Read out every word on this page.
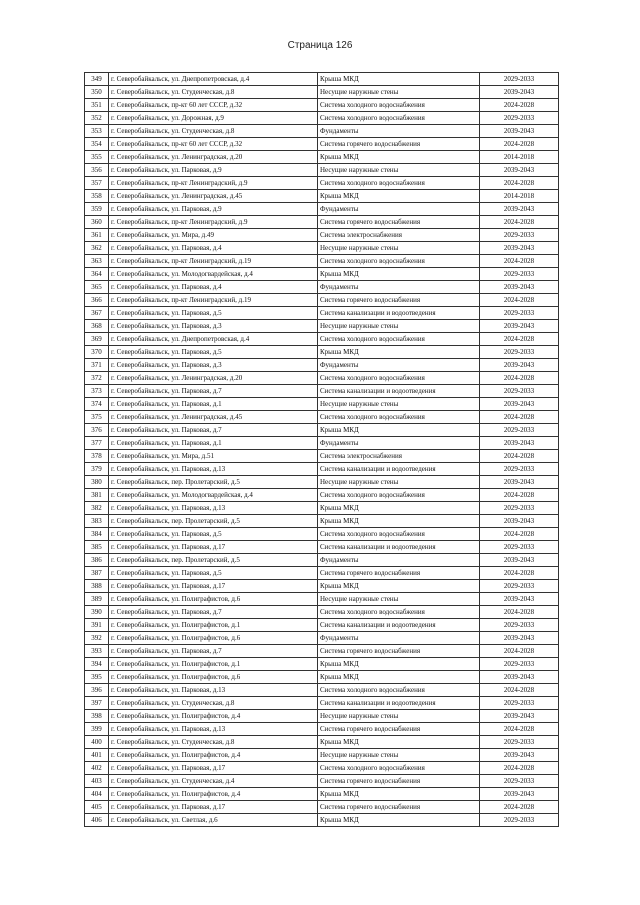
Страница 126
349	г. Северобайкальск, ул. Днепропетровская, д.4	Крыша МКД	2029-2033
350	г. Северобайкальск, ул. Студенческая, д.8	Несущие наружные стены	2039-2043
351	г. Северобайкальск, пр-кт 60 лет СССР, д.32	Система холодного водоснабжения	2024-2028
352	г. Северобайкальск, ул. Дорожная, д.9	Система холодного водоснабжения	2029-2033
353	г. Северобайкальск, ул. Студенческая, д.8	Фундаменты	2039-2043
354	г. Северобайкальск, пр-кт 60 лет СССР, д.32	Система горячего водоснабжения	2024-2028
355	г. Северобайкальск, ул. Ленинградская, д.20	Крыша МКД	2014-2018
356	г. Северобайкальск, ул. Парковая, д.9	Несущие наружные стены	2039-2043
357	г. Северобайкальск, пр-кт Ленинградский, д.9	Система холодного водоснабжения	2024-2028
358	г. Северобайкальск, ул. Ленинградская, д.45	Крыша МКД	2014-2018
359	г. Северобайкальск, ул. Парковая, д.9	Фундаменты	2039-2043
360	г. Северобайкальск, пр-кт Ленинградский, д.9	Система горячего водоснабжения	2024-2028
361	г. Северобайкальск, ул. Мира, д.49	Система электроснабжения	2029-2033
362	г. Северобайкальск, ул. Парковая, д.4	Несущие наружные стены	2039-2043
363	г. Северобайкальск, пр-кт Ленинградский, д.19	Система холодного водоснабжения	2024-2028
364	г. Северобайкальск, ул. Молодогвардейская, д.4	Крыша МКД	2029-2033
365	г. Северобайкальск, ул. Парковая, д.4	Фундаменты	2039-2043
366	г. Северобайкальск, пр-кт Ленинградский, д.19	Система горячего водоснабжения	2024-2028
367	г. Северобайкальск, ул. Парковая, д.5	Система канализации и водоотведения	2029-2033
368	г. Северобайкальск, ул. Парковая, д.3	Несущие наружные стены	2039-2043
369	г. Северобайкальск, ул. Днепропетровская, д.4	Система холодного водоснабжения	2024-2028
370	г. Северобайкальск, ул. Парковая, д.5	Крыша МКД	2029-2033
371	г. Северобайкальск, ул. Парковая, д.3	Фундаменты	2039-2043
372	г. Северобайкальск, ул. Ленинградская, д.20	Система холодного водоснабжения	2024-2028
373	г. Северобайкальск, ул. Парковая, д.7	Система канализации и водоотведения	2029-2033
374	г. Северобайкальск, ул. Парковая, д.1	Несущие наружные стены	2039-2043
375	г. Северобайкальск, ул. Ленинградская, д.45	Система холодного водоснабжения	2024-2028
376	г. Северобайкальск, ул. Парковая, д.7	Крыша МКД	2029-2033
377	г. Северобайкальск, ул. Парковая, д.1	Фундаменты	2039-2043
378	г. Северобайкальск, ул. Мира, д.51	Система электроснабжения	2024-2028
379	г. Северобайкальск, ул. Парковая, д.13	Система канализации и водоотведения	2029-2033
380	г. Северобайкальск, пер. Пролетарский, д.5	Несущие наружные стены	2039-2043
381	г. Северобайкальск, ул. Молодогвардейская, д.4	Система холодного водоснабжения	2024-2028
382	г. Северобайкальск, ул. Парковая, д.13	Крыша МКД	2029-2033
383	г. Северобайкальск, пер. Пролетарский, д.5	Крыша МКД	2039-2043
384	г. Северобайкальск, ул. Парковая, д.5	Система холодного водоснабжения	2024-2028
385	г. Северобайкальск, ул. Парковая, д.17	Система канализации и водоотведения	2029-2033
386	г. Северобайкальск, пер. Пролетарский, д.5	Фундаменты	2039-2043
387	г. Северобайкальск, ул. Парковая, д.5	Система горячего водоснабжения	2024-2028
388	г. Северобайкальск, ул. Парковая, д.17	Крыша МКД	2029-2033
389	г. Северобайкальск, ул. Полиграфистов, д.6	Несущие наружные стены	2039-2043
390	г. Северобайкальск, ул. Парковая, д.7	Система холодного водоснабжения	2024-2028
391	г. Северобайкальск, ул. Полиграфистов, д.1	Система канализации и водоотведения	2029-2033
392	г. Северобайкальск, ул. Полиграфистов, д.6	Фундаменты	2039-2043
393	г. Северобайкальск, ул. Парковая, д.7	Система горячего водоснабжения	2024-2028
394	г. Северобайкальск, ул. Полиграфистов, д.1	Крыша МКД	2029-2033
395	г. Северобайкальск, ул. Полиграфистов, д.6	Крыша МКД	2039-2043
396	г. Северобайкальск, ул. Парковая, д.13	Система холодного водоснабжения	2024-2028
397	г. Северобайкальск, ул. Студенческая, д.8	Система канализации и водоотведения	2029-2033
398	г. Северобайкальск, ул. Полиграфистов, д.4	Несущие наружные стены	2039-2043
399	г. Северобайкальск, ул. Парковая, д.13	Система горячего водоснабжения	2024-2028
400	г. Северобайкальск, ул. Студенческая, д.8	Крыша МКД	2029-2033
401	г. Северобайкальск, ул. Полиграфистов, д.4	Несущие наружные стены	2039-2043
402	г. Северобайкальск, ул. Парковая, д.17	Система холодного водоснабжения	2024-2028
403	г. Северобайкальск, ул. Студенческая, д.4	Система горячего водоснабжения	2029-2033
404	г. Северобайкальск, ул. Полиграфистов, д.4	Крыша МКД	2039-2043
405	г. Северобайкальск, ул. Парковая, д.17	Система горячего водоснабжения	2024-2028
406	г. Северобайкальск, ул. Светлая, д.6	Крыша МКД	2029-2033
